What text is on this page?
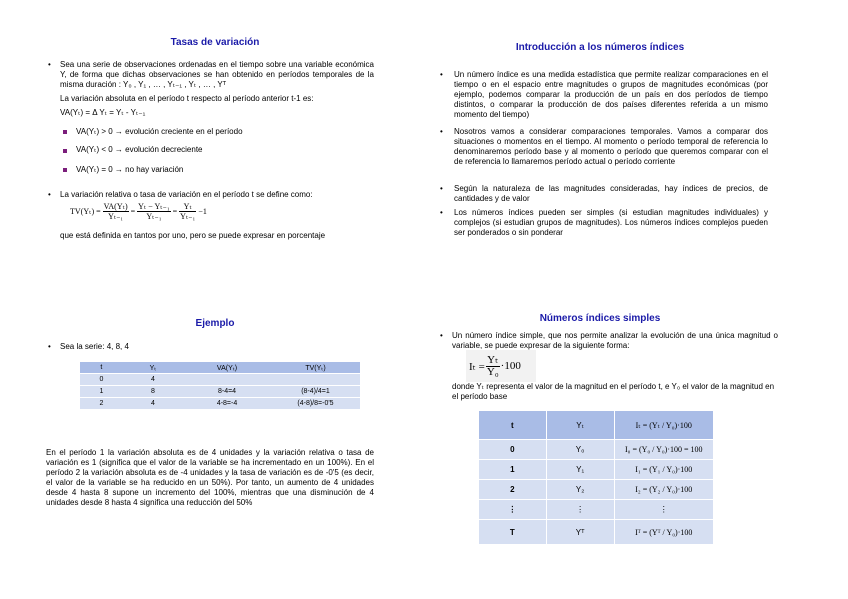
Tasas de variación
• Sea una serie de observaciones ordenadas en el tiempo sobre una variable económica Y, de forma que dichas observaciones se han obtenido en períodos temporales de la misma duración : Y₀ , Y₁ , … , Yₜ₋₁ , Yₜ , … , Yᵀ
La variación absoluta en el período t respecto al período anterior t-1 es:
VA(Yₜ) = Δ Yₜ = Yₜ - Yₜ₋₁
VA(Yₜ) > 0 → evolución creciente en el período
VA(Yₜ) < 0 → evolución decreciente
VA(Yₜ) = 0 → no hay variación
• La variación relativa o tasa de variación en el período t se define como:
$TV(Y_t) = \frac{\text{VA(Yₜ)}}{\text{Yₜ₋₁}} = \frac{\text{Yₜ − Yₜ₋₁}}{\text{Yₜ₋₁}} = \frac{\text{Yₜ}}{\text{Yₜ₋₁}} -1$
que está definida en tantos por uno, pero se puede expresar en porcentaje
Introducción a los números índices
• Un número índice es una medida estadística que permite realizar comparaciones en el tiempo o en el espacio entre magnitudes o grupos de magnitudes económicas (por ejemplo, podemos comparar la producción de un país en dos períodos de tiempo distintos, o comparar la producción de dos países diferentes referida a un mismo momento del tiempo)
• Nosotros vamos a considerar comparaciones temporales. Vamos a comparar dos situaciones o momentos en el tiempo. Al momento o período temporal de referencia lo denominaremos período base y al momento o período que queremos comparar con el de referencia lo llamaremos período actual o período corriente
• Según la naturaleza de las magnitudes consideradas, hay índices de precios, de cantidades y de valor
• Los números índices pueden ser simples (si estudian magnitudes individuales) y complejos (si estudian grupos de magnitudes). Los números índices complejos pueden ser ponderados o sin ponderar
Ejemplo
• Sea la serie: 4, 8, 4
t	Yₜ	VA(Yₜ)	TV(Yₜ)
0	4		
1	8	8-4=4	(8-4)/4=1
2	4	4-8=-4	(4-8)/8=-0'5
En el período 1 la variación absoluta es de 4 unidades y la variación relativa o tasa de variación es 1 (significa que el valor de la variable se ha incrementado en un 100%). En el período 2 la variación absoluta es de -4 unidades y la tasa de variación es de -0'5 (es decir, el valor de la variable se ha reducido en un 50%). Por tanto, un aumento de 4 unidades desde 4 hasta 8 supone un incremento del 100%, mientras que una disminución de 4 unidades desde 8 hasta 4 significa una reducción del 50%
Números índices simples
• Un número índice simple, que nos permite analizar la evolución de una única magnitud o variable, se puede expresar de la siguiente forma:
$I_t = \frac{\text{Yₜ}}{\text{Y₀}} \cdot 100$
donde Yₜ representa el valor de la magnitud en el período t, e Y₀ el valor de la magnitud en el período base
t	Yₜ	Iₜ = (Yₜ / Y₀)·100
0	Y₀	I₀ = (Y₀ / Y₀)·100 = 100
1	Y₁	I₁ = (Y₁ / Y₀)·100
2	Y₂	I₂ = (Y₂ / Y₀)·100
⋮	⋮	⋮
T	Yᵀ	Iᵀ = (Yᵀ / Y₀)·100
